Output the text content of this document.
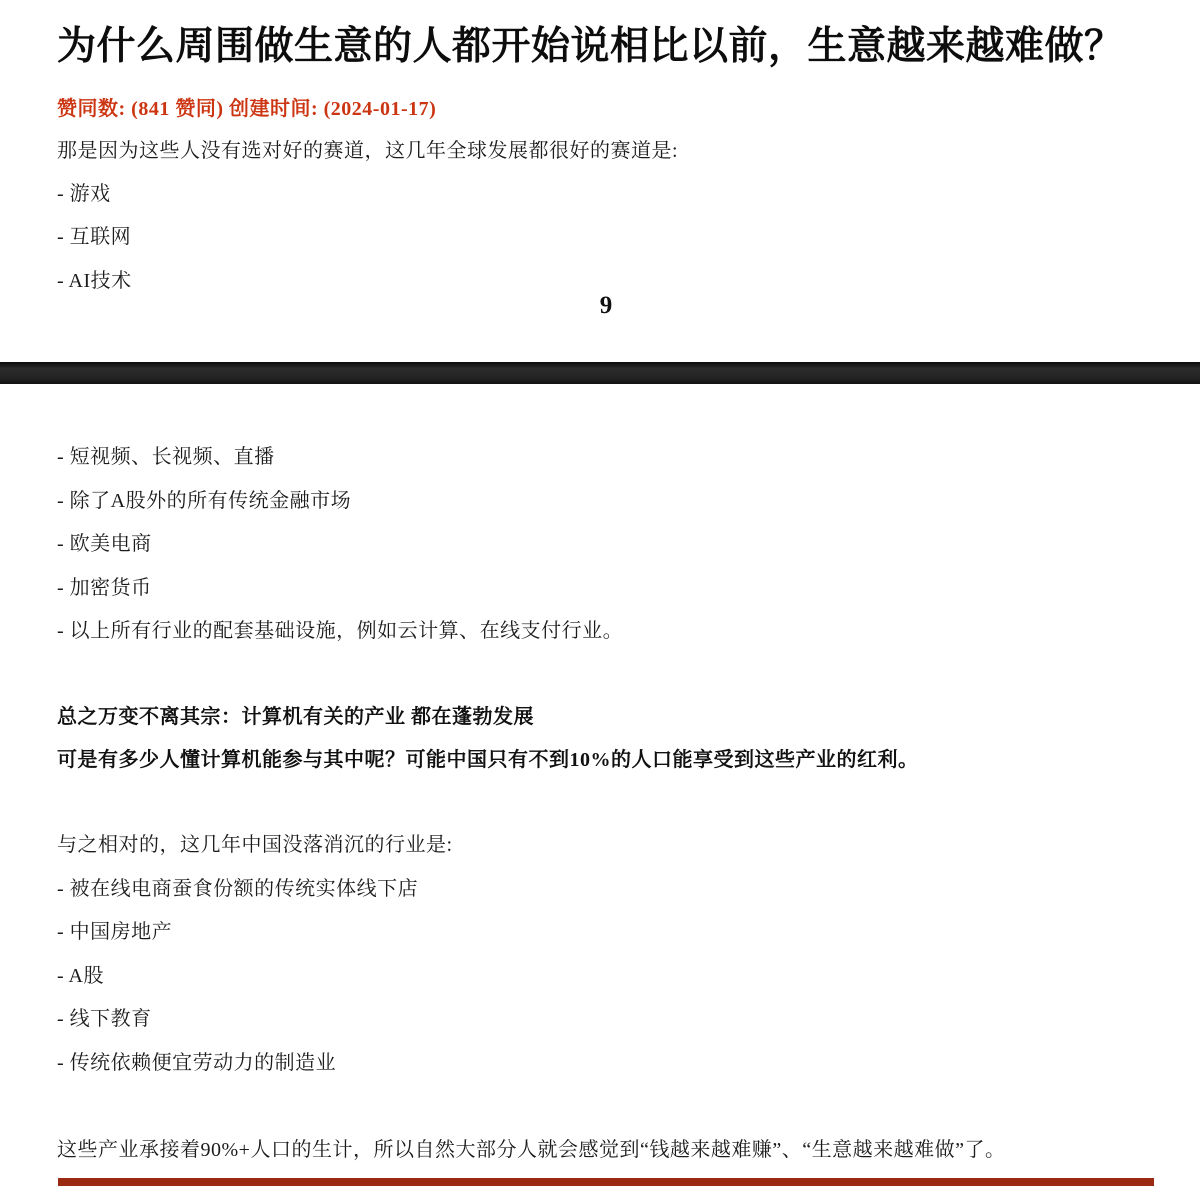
为什么周围做生意的人都开始说相比以前，生意越来越难做？
赞同数: (841 赞同) 创建时间: (2024-01-17)
那是因为这些人没有选对好的赛道，这几年全球发展都很好的赛道是:
- 游戏
- 互联网
- AI技术
9
- 短视频、长视频、直播
- 除了A股外的所有传统金融市场
- 欧美电商
- 加密货币
- 以上所有行业的配套基础设施，例如云计算、在线支付行业。
总之万变不离其宗：计算机有关的产业 都在蓬勃发展
可是有多少人懂计算机能参与其中呢？可能中国只有不到10%的人口能享受到这些产业的红利。
与之相对的，这几年中国没落消沉的行业是:
- 被在线电商蚕食份额的传统实体线下店
- 中国房地产
- A股
- 线下教育
- 传统依赖便宜劳动力的制造业
这些产业承接着90%+人口的生计，所以自然大部分人就会感觉到“钱越来越难赚”、“生意越来越难做”了。
